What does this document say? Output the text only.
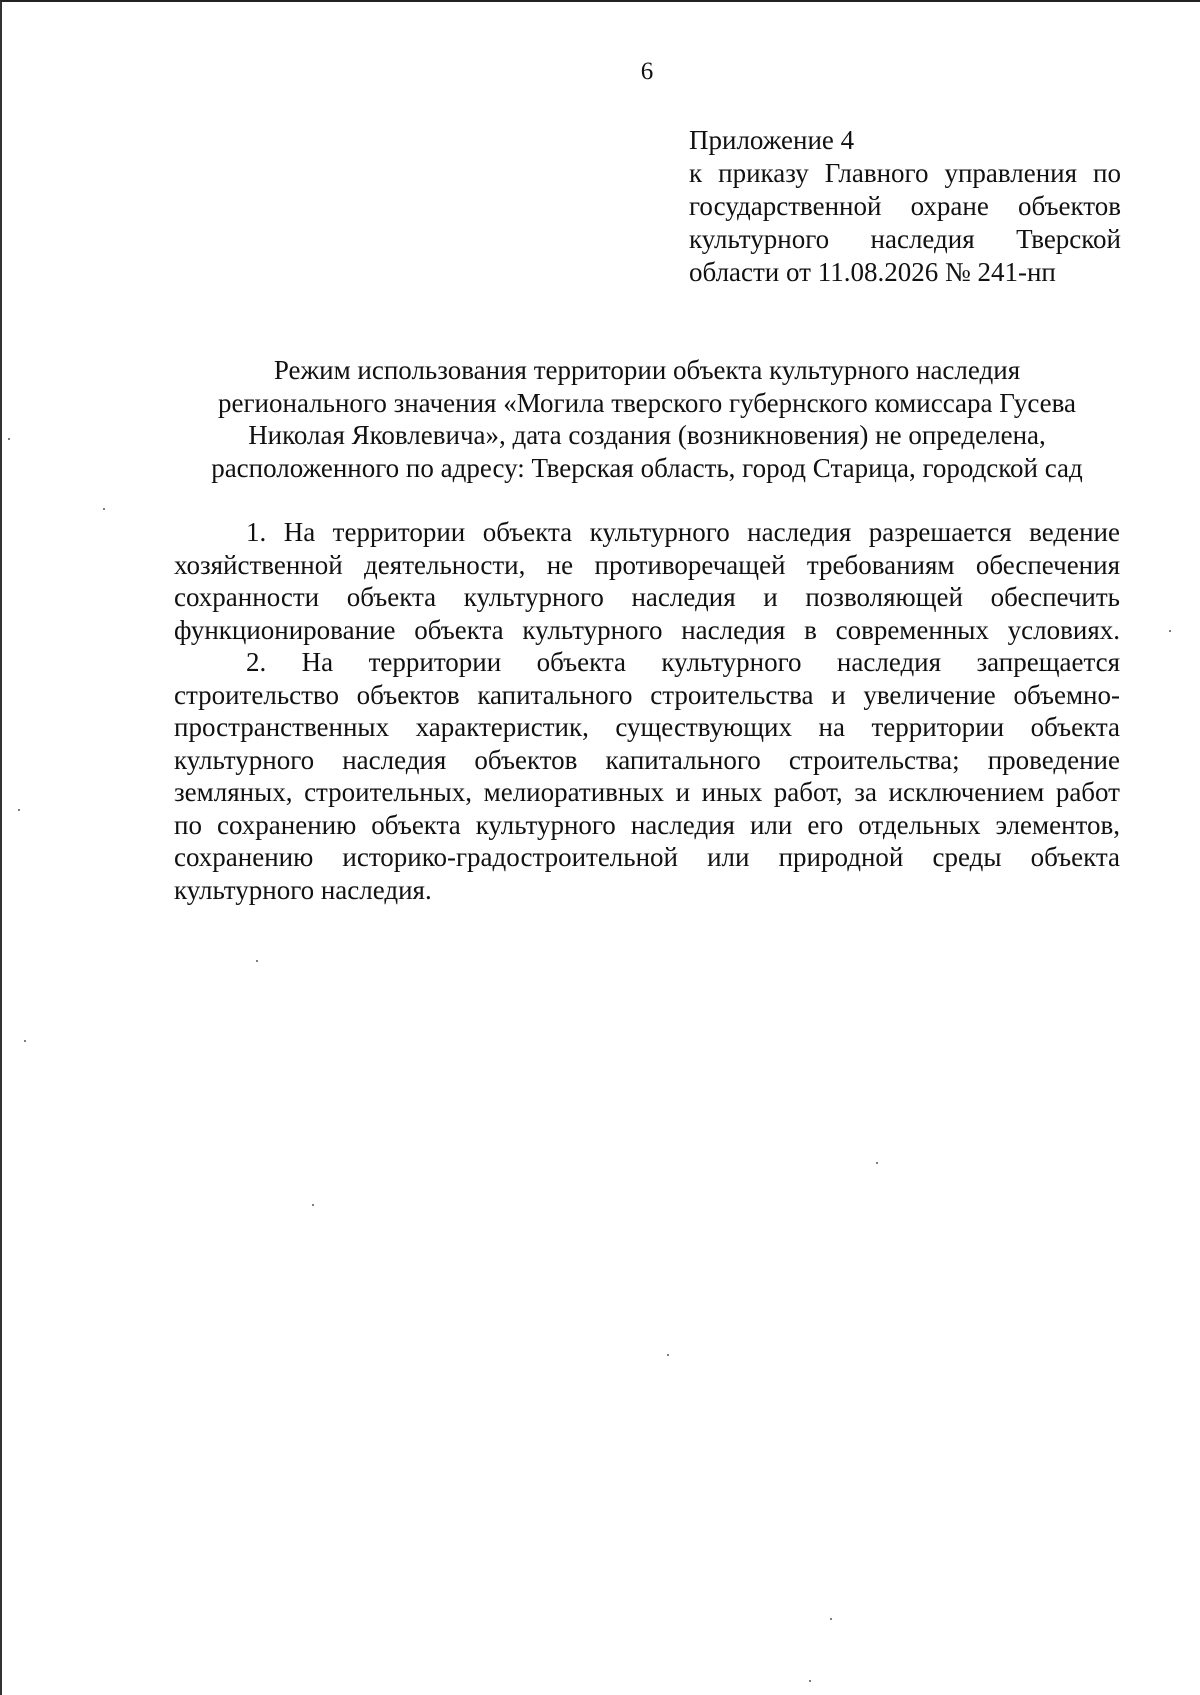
6
Приложение 4
к приказу Главного управления по
государственной охране объектов
культурного наследия Тверской
области от 11.08.2026 № 241-нп
Режим использования территории объекта культурного наследия
регионального значения «Могила тверского губернского комиссара Гусева
Николая Яковлевича», дата создания (возникновения) не определена,
расположенного по адресу: Тверская область, город Старица, городской сад
1. На территории объекта культурного наследия разрешается ведение
хозяйственной деятельности, не противоречащей требованиям обеспечения
сохранности объекта культурного наследия и позволяющей обеспечить
функционирование объекта культурного наследия в современных условиях.
2. На территории объекта культурного наследия запрещается
строительство объектов капитального строительства и увеличение объемно-
пространственных характеристик, существующих на территории объекта
культурного наследия объектов капитального строительства; проведение
земляных, строительных, мелиоративных и иных работ, за исключением работ
по сохранению объекта культурного наследия или его отдельных элементов,
сохранению историко-градостроительной или природной среды объекта
культурного наследия.
